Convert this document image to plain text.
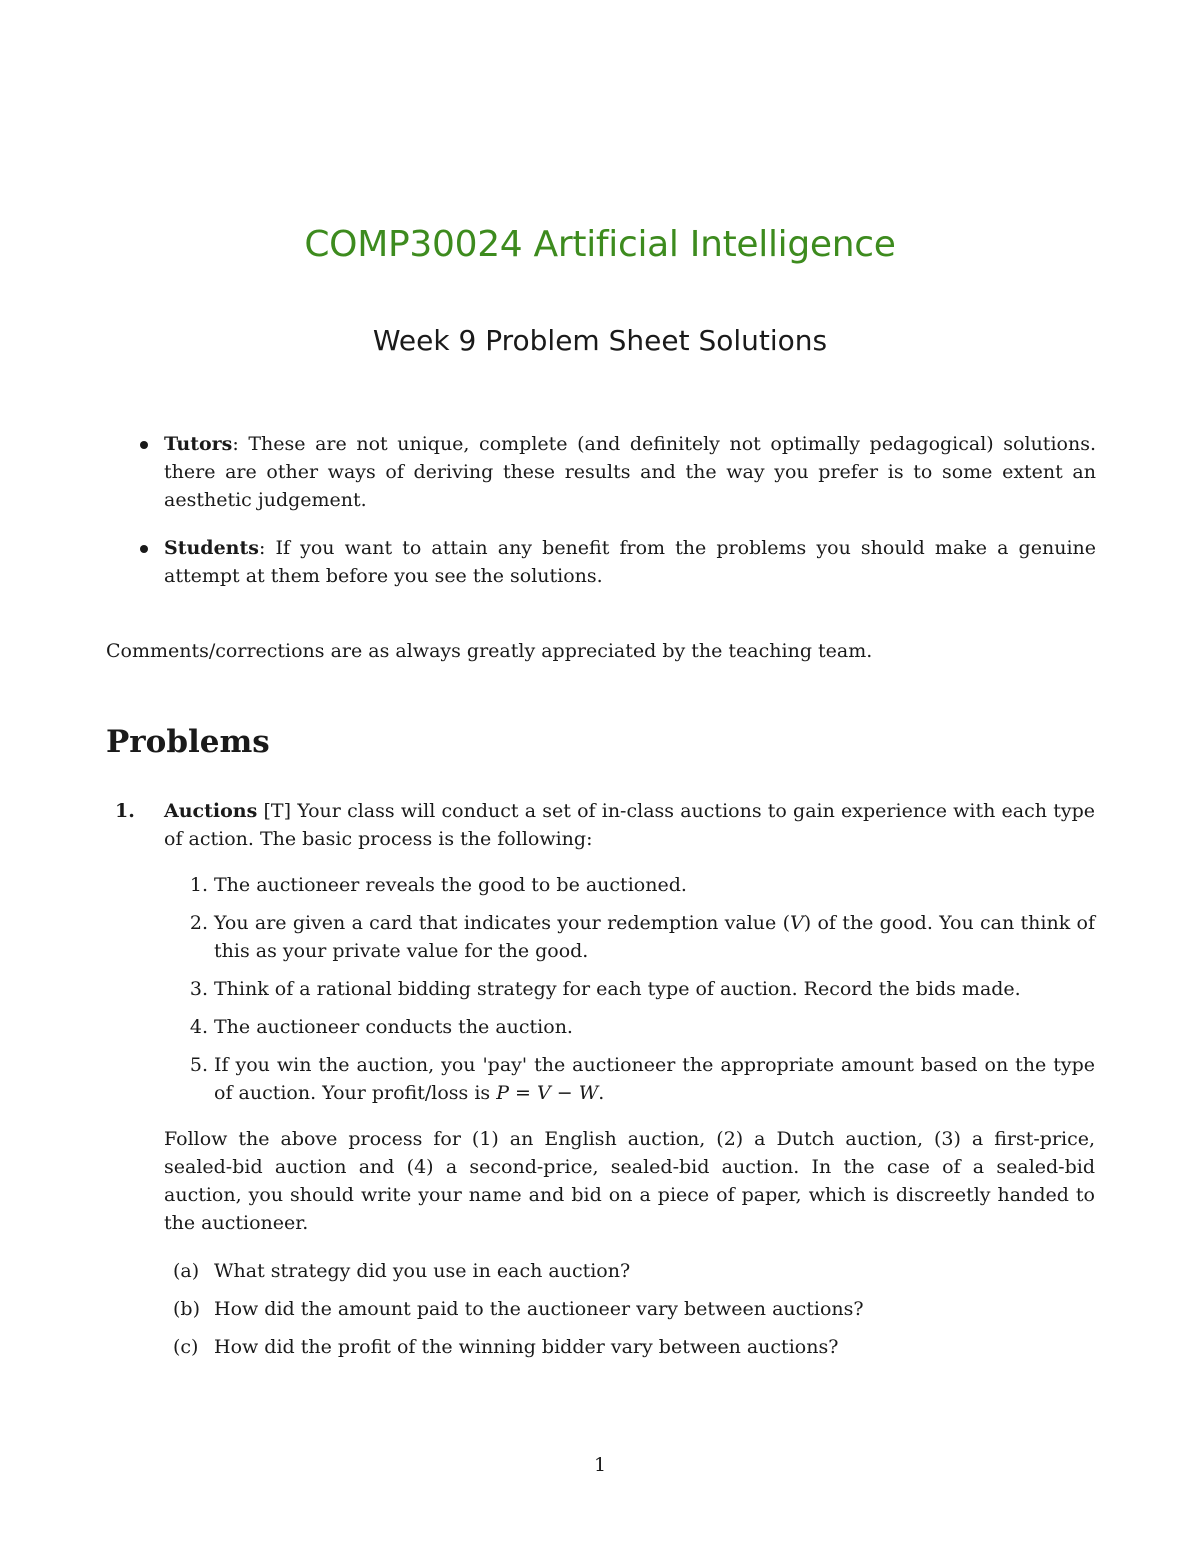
COMP30024 Artificial Intelligence
Week 9 Problem Sheet Solutions
Tutors: These are not unique, complete (and definitely not optimally pedagogical) solutions. there are other ways of deriving these results and the way you prefer is to some extent an aesthetic judgement.
Students: If you want to attain any benefit from the problems you should make a genuine attempt at them before you see the solutions.

Comments/corrections are as always greatly appreciated by the teaching team.

Problems

1. Auctions [T] Your class will conduct a set of in-class auctions to gain experience with each type of action. The basic process is the following:

1. The auctioneer reveals the good to be auctioned.
2. You are given a card that indicates your redemption value (V) of the good. You can think of this as your private value for the good.
3. Think of a rational bidding strategy for each type of auction. Record the bids made.
4. The auctioneer conducts the auction.
5. If you win the auction, you 'pay' the auctioneer the appropriate amount based on the type of auction. Your profit/loss is P = V − W.

Follow the above process for (1) an English auction, (2) a Dutch auction, (3) a first-price, sealed-bid auction and (4) a second-price, sealed-bid auction. In the case of a sealed-bid auction, you should write your name and bid on a piece of paper, which is discreetly handed to the auctioneer.

(a) What strategy did you use in each auction?
(b) How did the amount paid to the auctioneer vary between auctions?
(c) How did the profit of the winning bidder vary between auctions?
1
